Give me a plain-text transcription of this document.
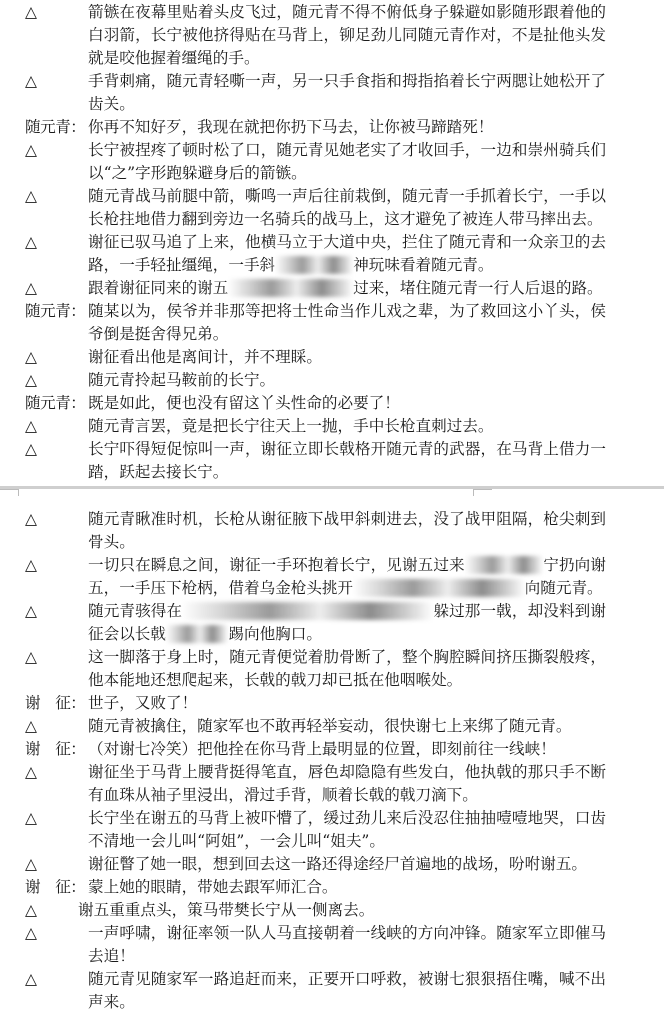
△	箭镞在夜幕里贴着头皮飞过，随元青不得不俯低身子躲避如影随形跟着他的白羽箭，长宁被他挤得贴在马背上，铆足劲儿同随元青作对，不是扯他头发就是咬他握着缰绳的手。
△	手背刺痛，随元青轻嘶一声，另一只手食指和拇指掐着长宁两腮让她松开了齿关。
随元青： 你再不知好歹，我现在就把你扔下马去，让你被马蹄踏死！
△	长宁被捏疼了顿时松了口，随元青见她老实了才收回手，一边和崇州骑兵们以“之”字形跑躲避身后的箭镞。
△	随元青战马前腿中箭，嘶鸣一声后往前栽倒，随元青一手抓着长宁，一手以长枪拄地借力翻到旁边一名骑兵的战马上，这才避免了被连人带马摔出去。
△	谢征已驭马追了上来，他横马立于大道中央，拦住了随元青和一众亲卫的去路，一手轻扯缰绳，一手斜　　　　　	神玩味看着随元青。
△	跟着谢征同来的谢五　　　　　　　　	过来，堵住随元青一行人后退的路。
随元青： 随某以为，侯爷并非那等把将士性命当作儿戏之辈，为了救回这小丫头，侯爷倒是挺舍得兄弟。
△	谢征看出他是离间计，并不理睬。
△	随元青拎起马鞍前的长宁。
随元青： 既是如此，便也没有留这丫头性命的必要了！
△	随元青言罢，竟是把长宁往天上一抛，手中长枪直刺过去。
△	长宁吓得短促惊叫一声，谢征立即长戟格开随元青的武器，在马背上借力一踏，跃起去接长宁。
△	随元青瞅准时机，长枪从谢征腋下战甲斜刺进去，没了战甲阻隔，枪尖刺到骨头。
△	一切只在瞬息之间，谢征一手环抱着长宁，见谢五过来　　　　　	宁扔向谢五，一手压下枪柄，借着乌金枪头挑开　　　　　　　　　　　	向随元青。
△	随元青骇得在　　　　　　　　　　　　　　　　	躲过那一戟，却没料到谢征会以长戟　　　　	踢向他胸口。
△	这一脚落于身上时，随元青便觉着肋骨断了，整个胸腔瞬间挤压撕裂般疼，他本能地还想爬起来，长戟的戟刀却已抵在他咽喉处。
谢　征： 世子，又败了！
△	随元青被擒住，随家军也不敢再轻举妄动，很快谢七上来绑了随元青。
谢　征： （对谢七冷笑）把他拴在你马背上最明显的位置，即刻前往一线峡！
△	谢征坐于马背上腰背挺得笔直，唇色却隐隐有些发白，他执戟的那只手不断有血珠从袖子里浸出，滑过手背，顺着长戟的戟刀滴下。
△	长宁坐在谢五的马背上被吓懵了，缓过劲儿来后没忍住抽抽噎噎地哭，口齿不清地一会儿叫“阿姐”，一会儿叫“姐夫”。
△	谢征瞥了她一眼，想到回去这一路还得途经尸首遍地的战场，吩咐谢五。
谢　征： 蒙上她的眼睛，带她去跟军师汇合。
△	谢五重重点头，策马带樊长宁从一侧离去。
△	一声呼啸，谢征率领一队人马直接朝着一线峡的方向冲锋。随家军立即催马去追！
△	随元青见随家军一路追赶而来，正要开口呼救，被谢七狠狠捂住嘴，喊不出声来。
